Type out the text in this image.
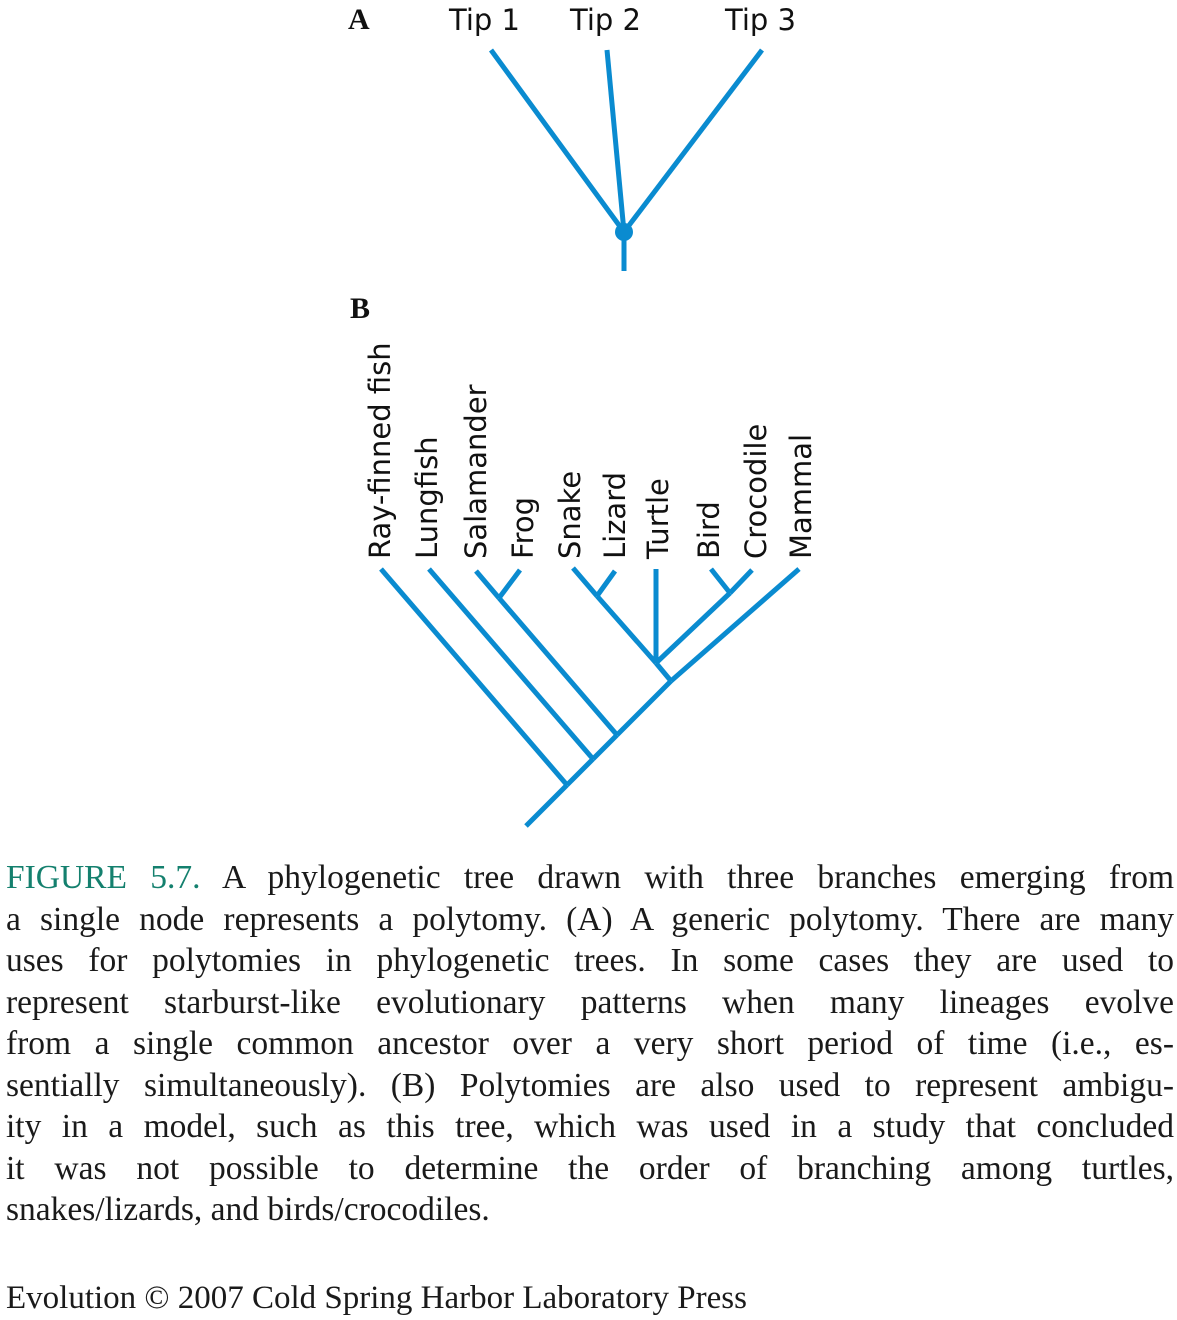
A	Tip 1 Tip 2	Tip 3
B
Ray-finned fish Lungfish Salamander Frog Snake Lizard Turtle Bird Crocodile Mammal

FIGURE 5.7. A phylogenetic tree drawn with three branches emerging from
a single node represents a polytomy. (A) A generic polytomy. There are many
uses for polytomies in phylogenetic trees. In some cases they are used to
represent starburst-like evolutionary patterns when many lineages evolve
from a single common ancestor over a very short period of time (i.e., es-
sentially simultaneously). (B) Polytomies are also used to represent ambigu-
ity in a model, such as this tree, which was used in a study that concluded
it was not possible to determine the order of branching among turtles,
snakes/lizards, and birds/crocodiles.

Evolution © 2007 Cold Spring Harbor Laboratory Press
